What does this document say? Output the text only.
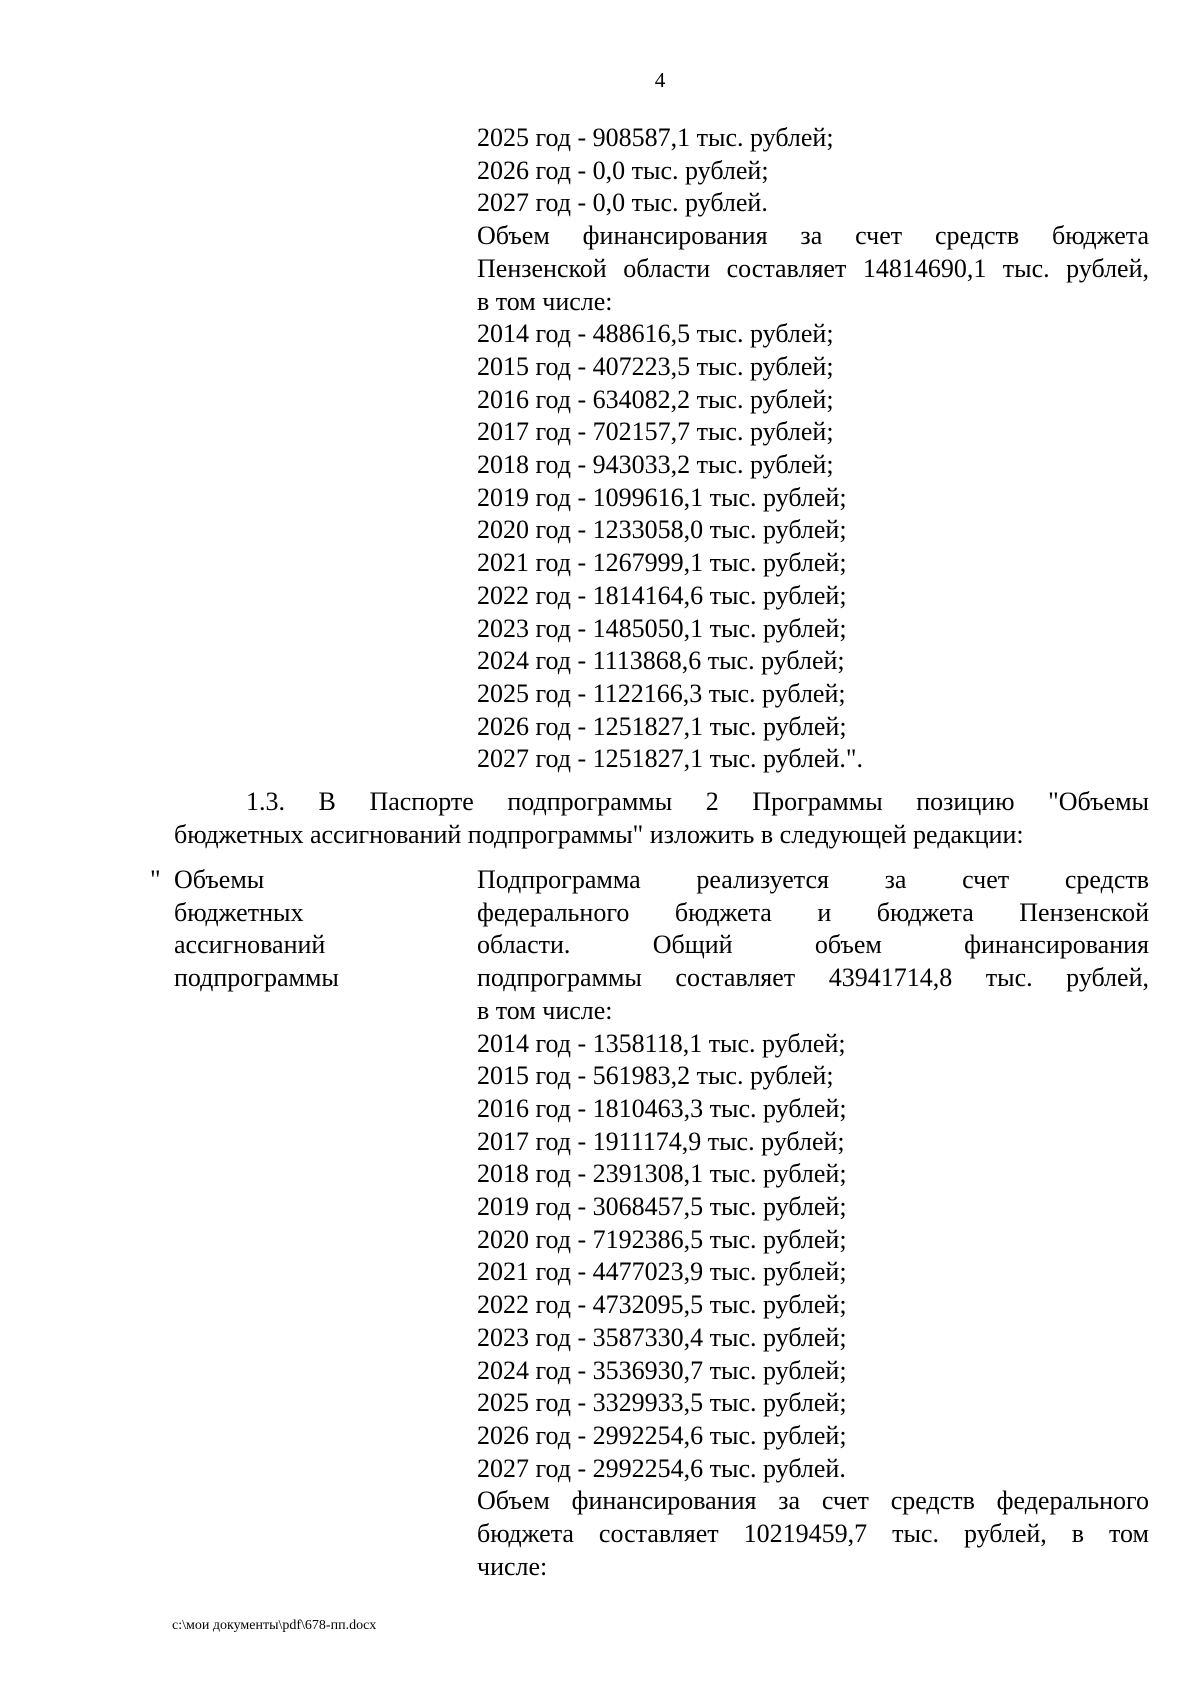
4
2025 год - 908587,1 тыс. рублей;
2026 год - 0,0 тыс. рублей;
2027 год - 0,0 тыс. рублей.
Объем финансирования за счет средств бюджета
Пензенской области составляет 14814690,1 тыс. рублей,
в том числе:
2014 год - 488616,5 тыс. рублей;
2015 год - 407223,5 тыс. рублей;
2016 год - 634082,2 тыс. рублей;
2017 год - 702157,7 тыс. рублей;
2018 год - 943033,2 тыс. рублей;
2019 год - 1099616,1 тыс. рублей;
2020 год - 1233058,0 тыс. рублей;
2021 год - 1267999,1 тыс. рублей;
2022 год - 1814164,6 тыс. рублей;
2023 год - 1485050,1 тыс. рублей;
2024 год - 1113868,6 тыс. рублей;
2025 год - 1122166,3 тыс. рублей;
2026 год - 1251827,1 тыс. рублей;
2027 год - 1251827,1 тыс. рублей.".
1.3. В Паспорте подпрограммы 2 Программы позицию "Объемы
бюджетных ассигнований подпрограммы" изложить в следующей редакции:
" Объемы
бюджетных
ассигнований
подпрограммы
Подпрограмма реализуется за счет средств
федерального бюджета и бюджета Пензенской
области. Общий объем финансирования
подпрограммы составляет 43941714,8 тыс. рублей,
в том числе:
2014 год - 1358118,1 тыс. рублей;
2015 год - 561983,2 тыс. рублей;
2016 год - 1810463,3 тыс. рублей;
2017 год - 1911174,9 тыс. рублей;
2018 год - 2391308,1 тыс. рублей;
2019 год - 3068457,5 тыс. рублей;
2020 год - 7192386,5 тыс. рублей;
2021 год - 4477023,9 тыс. рублей;
2022 год - 4732095,5 тыс. рублей;
2023 год - 3587330,4 тыс. рублей;
2024 год - 3536930,7 тыс. рублей;
2025 год - 3329933,5 тыс. рублей;
2026 год - 2992254,6 тыс. рублей;
2027 год - 2992254,6 тыс. рублей.
Объем финансирования за счет средств федерального
бюджета составляет 10219459,7 тыс. рублей, в том
числе:
c:\мои документы\pdf\678-пп.docx
